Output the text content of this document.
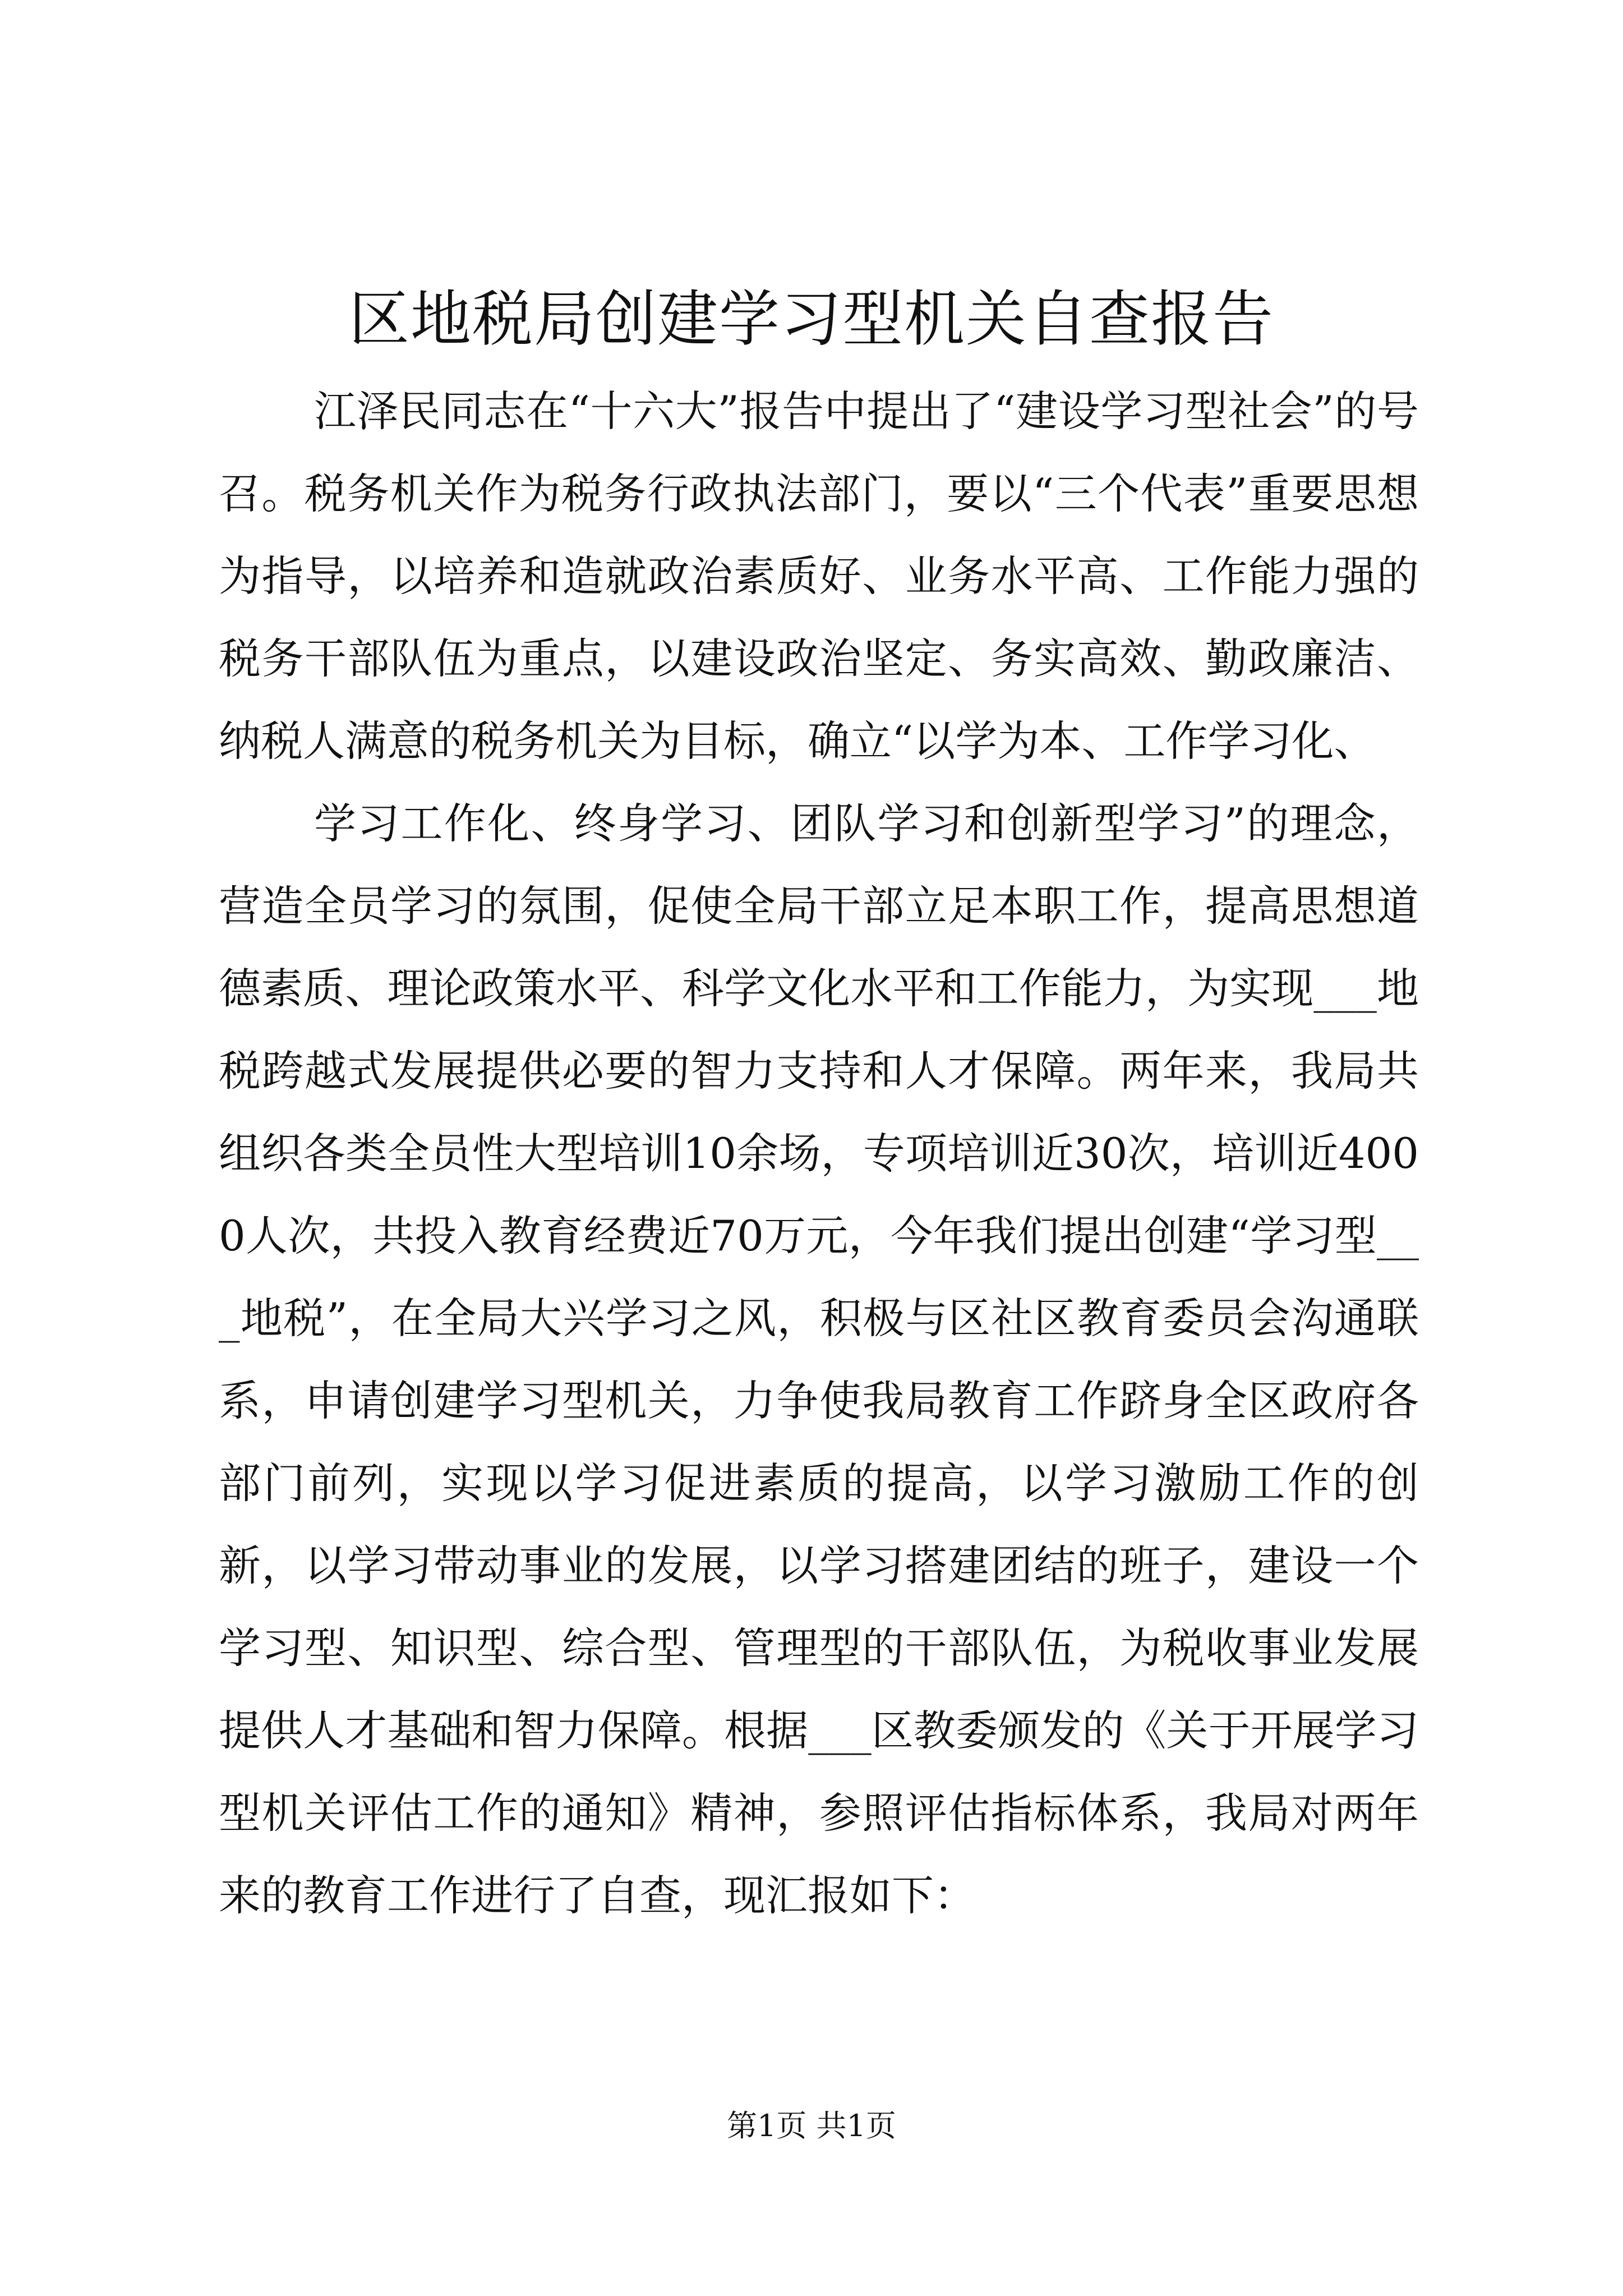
区地税局创建学习型机关自查报告

江泽民同志在“十六大”报告中提出了“建设学习型社会”的号召。税务机关作为税务行政执法部门，要以“三个代表”重要思想为指导，以培养和造就政治素质好、业务水平高、工作能力强的税务干部队伍为重点，以建设政治坚定、务实高效、勤政廉洁、纳税人满意的税务机关为目标，确立“以学为本、工作学习化、

学习工作化、终身学习、团队学习和创新型学习”的理念，营造全员学习的氛围，促使全局干部立足本职工作，提高思想道德素质、理论政策水平、科学文化水平和工作能力，为实现___地税跨越式发展提供必要的智力支持和人才保障。两年来，我局共组织各类全员性大型培训10余场，专项培训近30次，培训近4000人次，共投入教育经费近70万元，今年我们提出创建“学习型___地税”，在全局大兴学习之风，积极与区社区教育委员会沟通联系，申请创建学习型机关，力争使我局教育工作跻身全区政府各部门前列，实现以学习促进素质的提高，以学习激励工作的创新，以学习带动事业的发展，以学习搭建团结的班子，建设一个学习型、知识型、综合型、管理型的干部队伍，为税收事业发展提供人才基础和智力保障。根据___区教委颁发的《关于开展学习型机关评估工作的通知》精神，参照评估指标体系，我局对两年来的教育工作进行了自查，现汇报如下：

第1页 共1页
